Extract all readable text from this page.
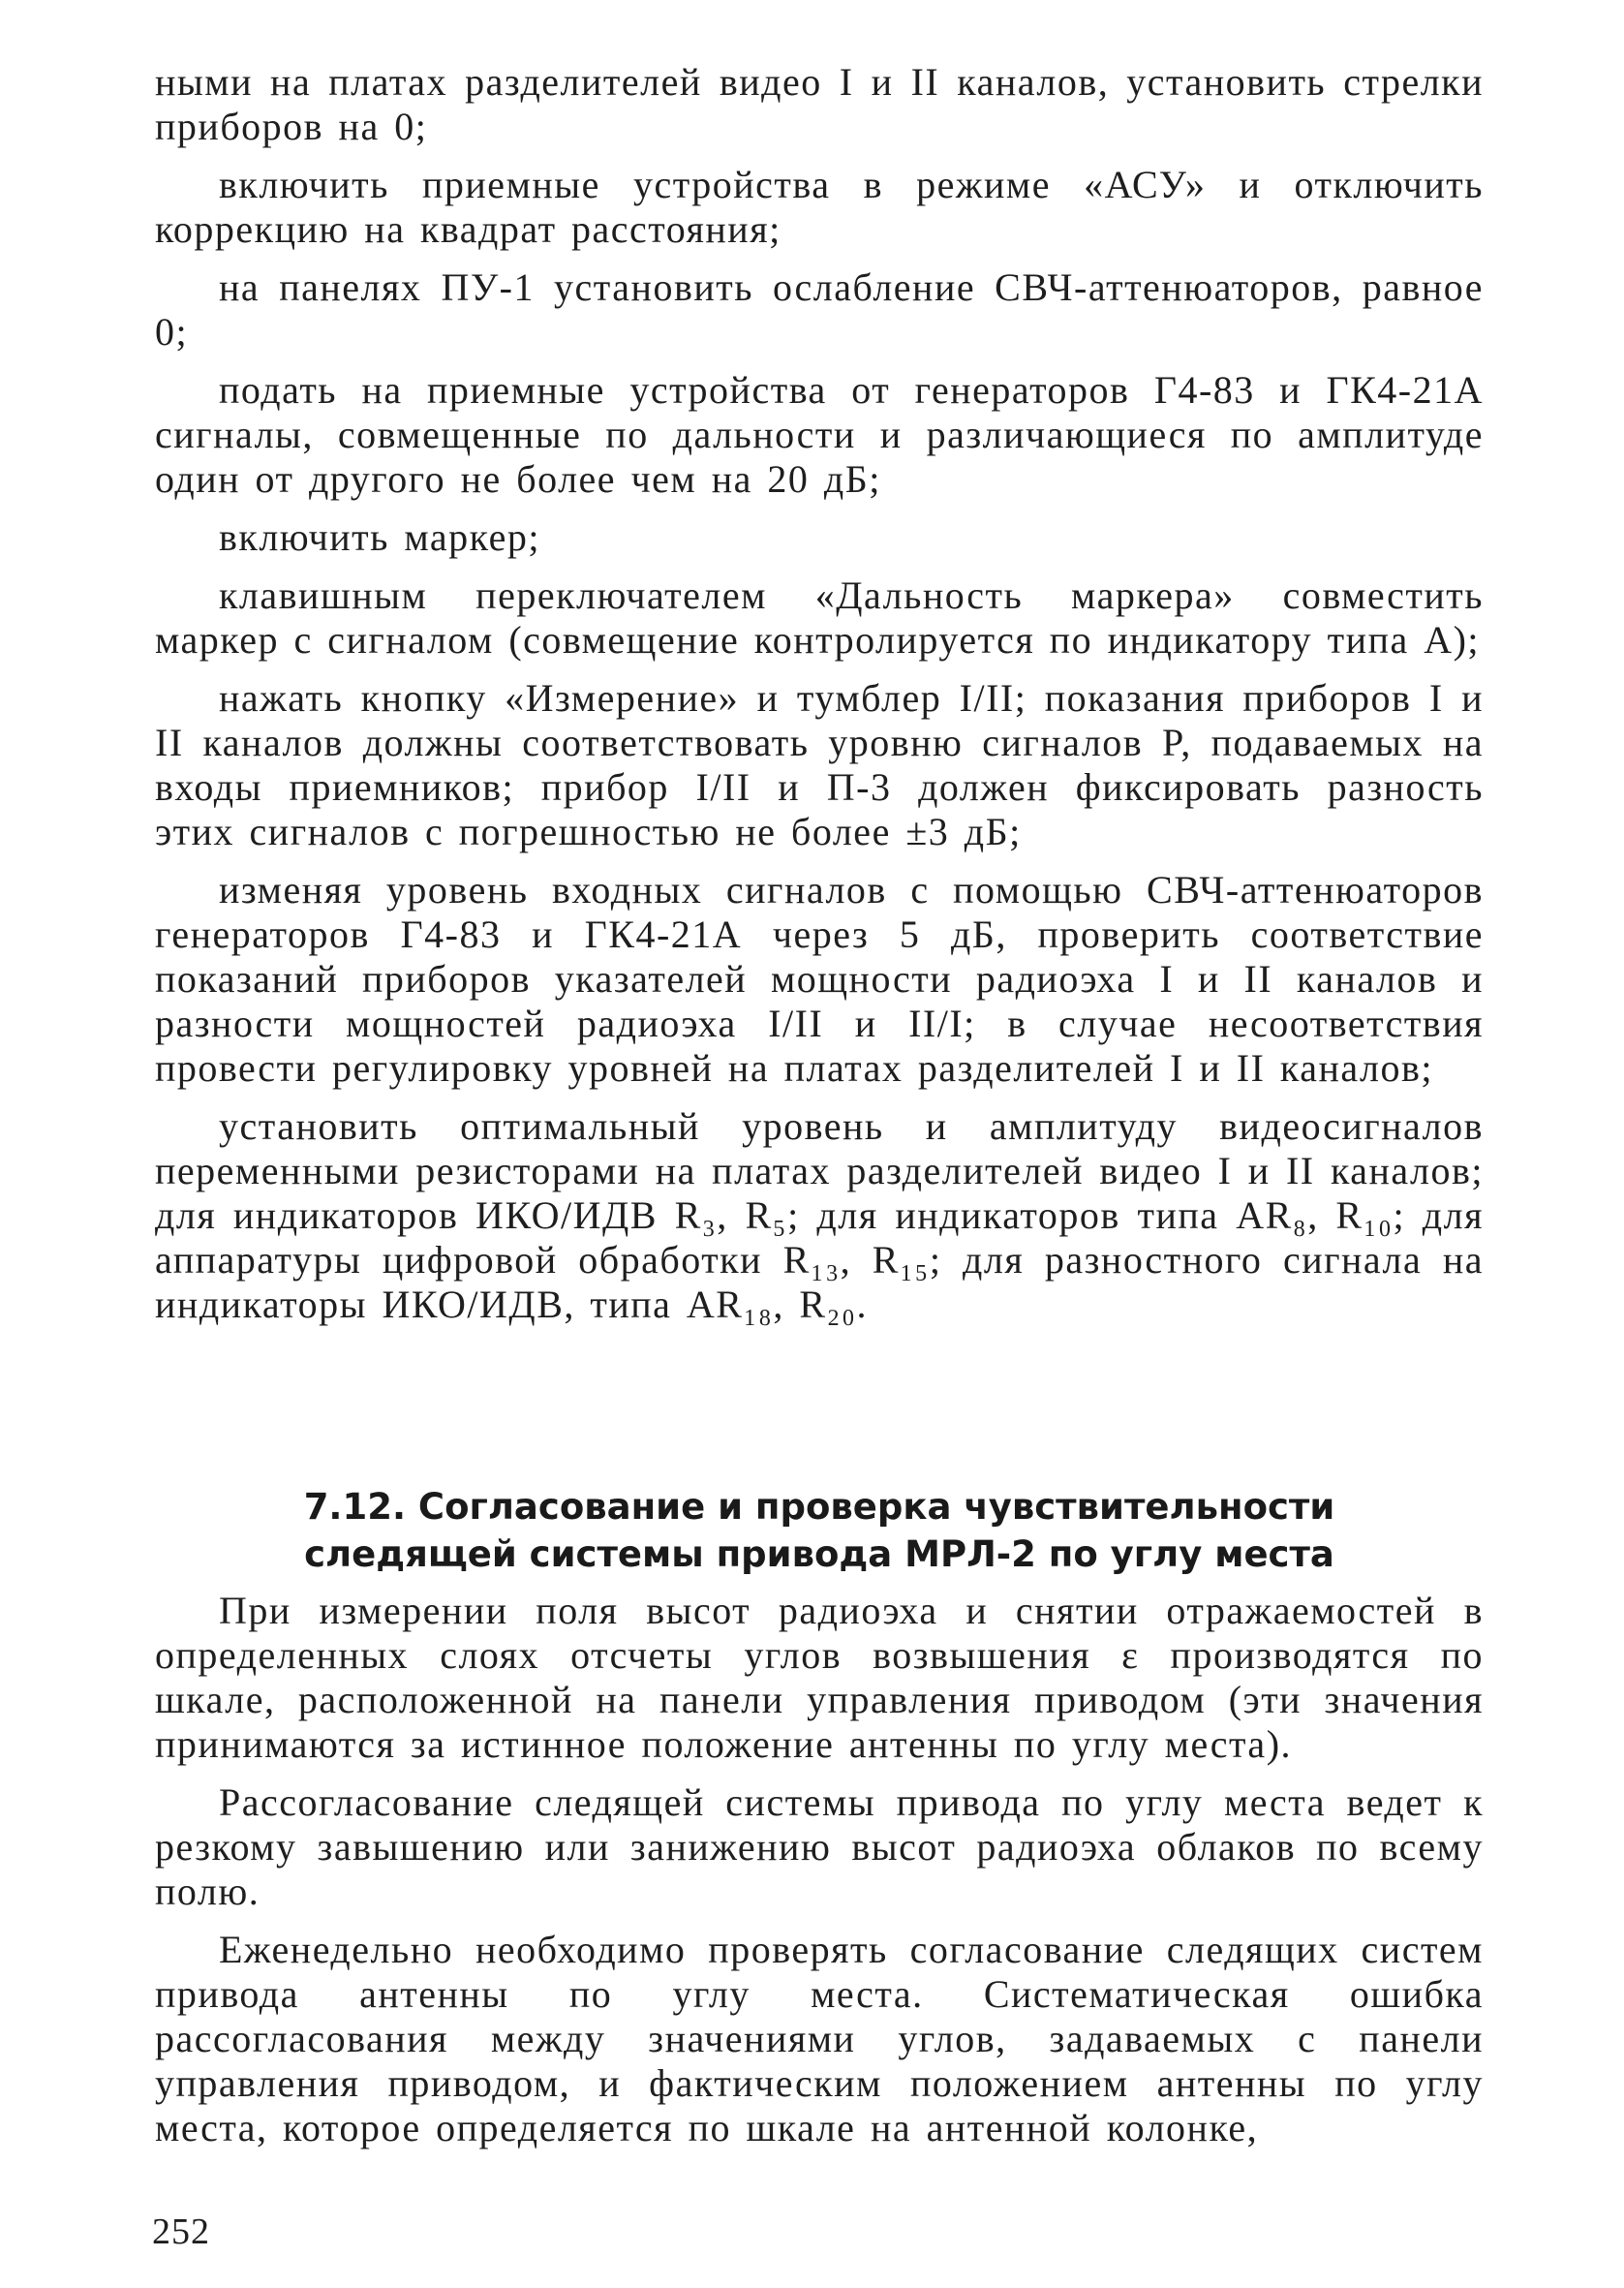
ными на платах разделителей видео I и II каналов, установить стрелки приборов на 0;

включить приемные устройства в режиме «АСУ» и отключить коррекцию на квадрат расстояния;

на панелях ПУ-1 установить ослабление СВЧ-аттенюаторов, равное 0;

подать на приемные устройства от генераторов Г4-83 и ГК4-21А сигналы, совмещенные по дальности и различающиеся по амплитуде один от другого не более чем на 20 дБ;

включить маркер;

клавишным переключателем «Дальность маркера» совместить маркер с сигналом (совмещение контролируется по индикатору типа А);

нажать кнопку «Измерение» и тумблер I/II; показания приборов I и II каналов должны соответствовать уровню сигналов P, подаваемых на входы приемников; прибор I/II и П-3 должен фиксировать разность этих сигналов с погрешностью не более ±3 дБ;

изменяя уровень входных сигналов с помощью СВЧ-аттенюаторов генераторов Г4-83 и ГК4-21А через 5 дБ, проверить соответствие показаний приборов указателей мощности радиоэха I и II каналов и разности мощностей радиоэха I/II и II/I; в случае несоответствия провести регулировку уровней на платах разделителей I и II каналов;

установить оптимальный уровень и амплитуду видеосигналов переменными резисторами на платах разделителей видео I и II каналов; для индикаторов ИКО/ИДВ R₃, R₅; для индикаторов типа AR₈, R₁₀; для аппаратуры цифровой обработки R₁₃, R₁₅; для разностного сигнала на индикаторы ИКО/ИДВ, типа AR₁₈, R₂₀.

7.12. Согласование и проверка чувствительности
следящей системы привода МРЛ-2 по углу места

При измерении поля высот радиоэха и снятии отражаемостей в определенных слоях отсчеты углов возвышения ε производятся по шкале, расположенной на панели управления приводом (эти значения принимаются за истинное положение антенны по углу места).

Рассогласование следящей системы привода по углу места ведет к резкому завышению или занижению высот радиоэха облаков по всему полю.

Еженедельно необходимо проверять согласование следящих систем привода антенны по углу места. Систематическая ошибка рассогласования между значениями углов, задаваемых с панели управления приводом, и фактическим положением антенны по углу места, которое определяется по шкале на антенной колонке,

252
